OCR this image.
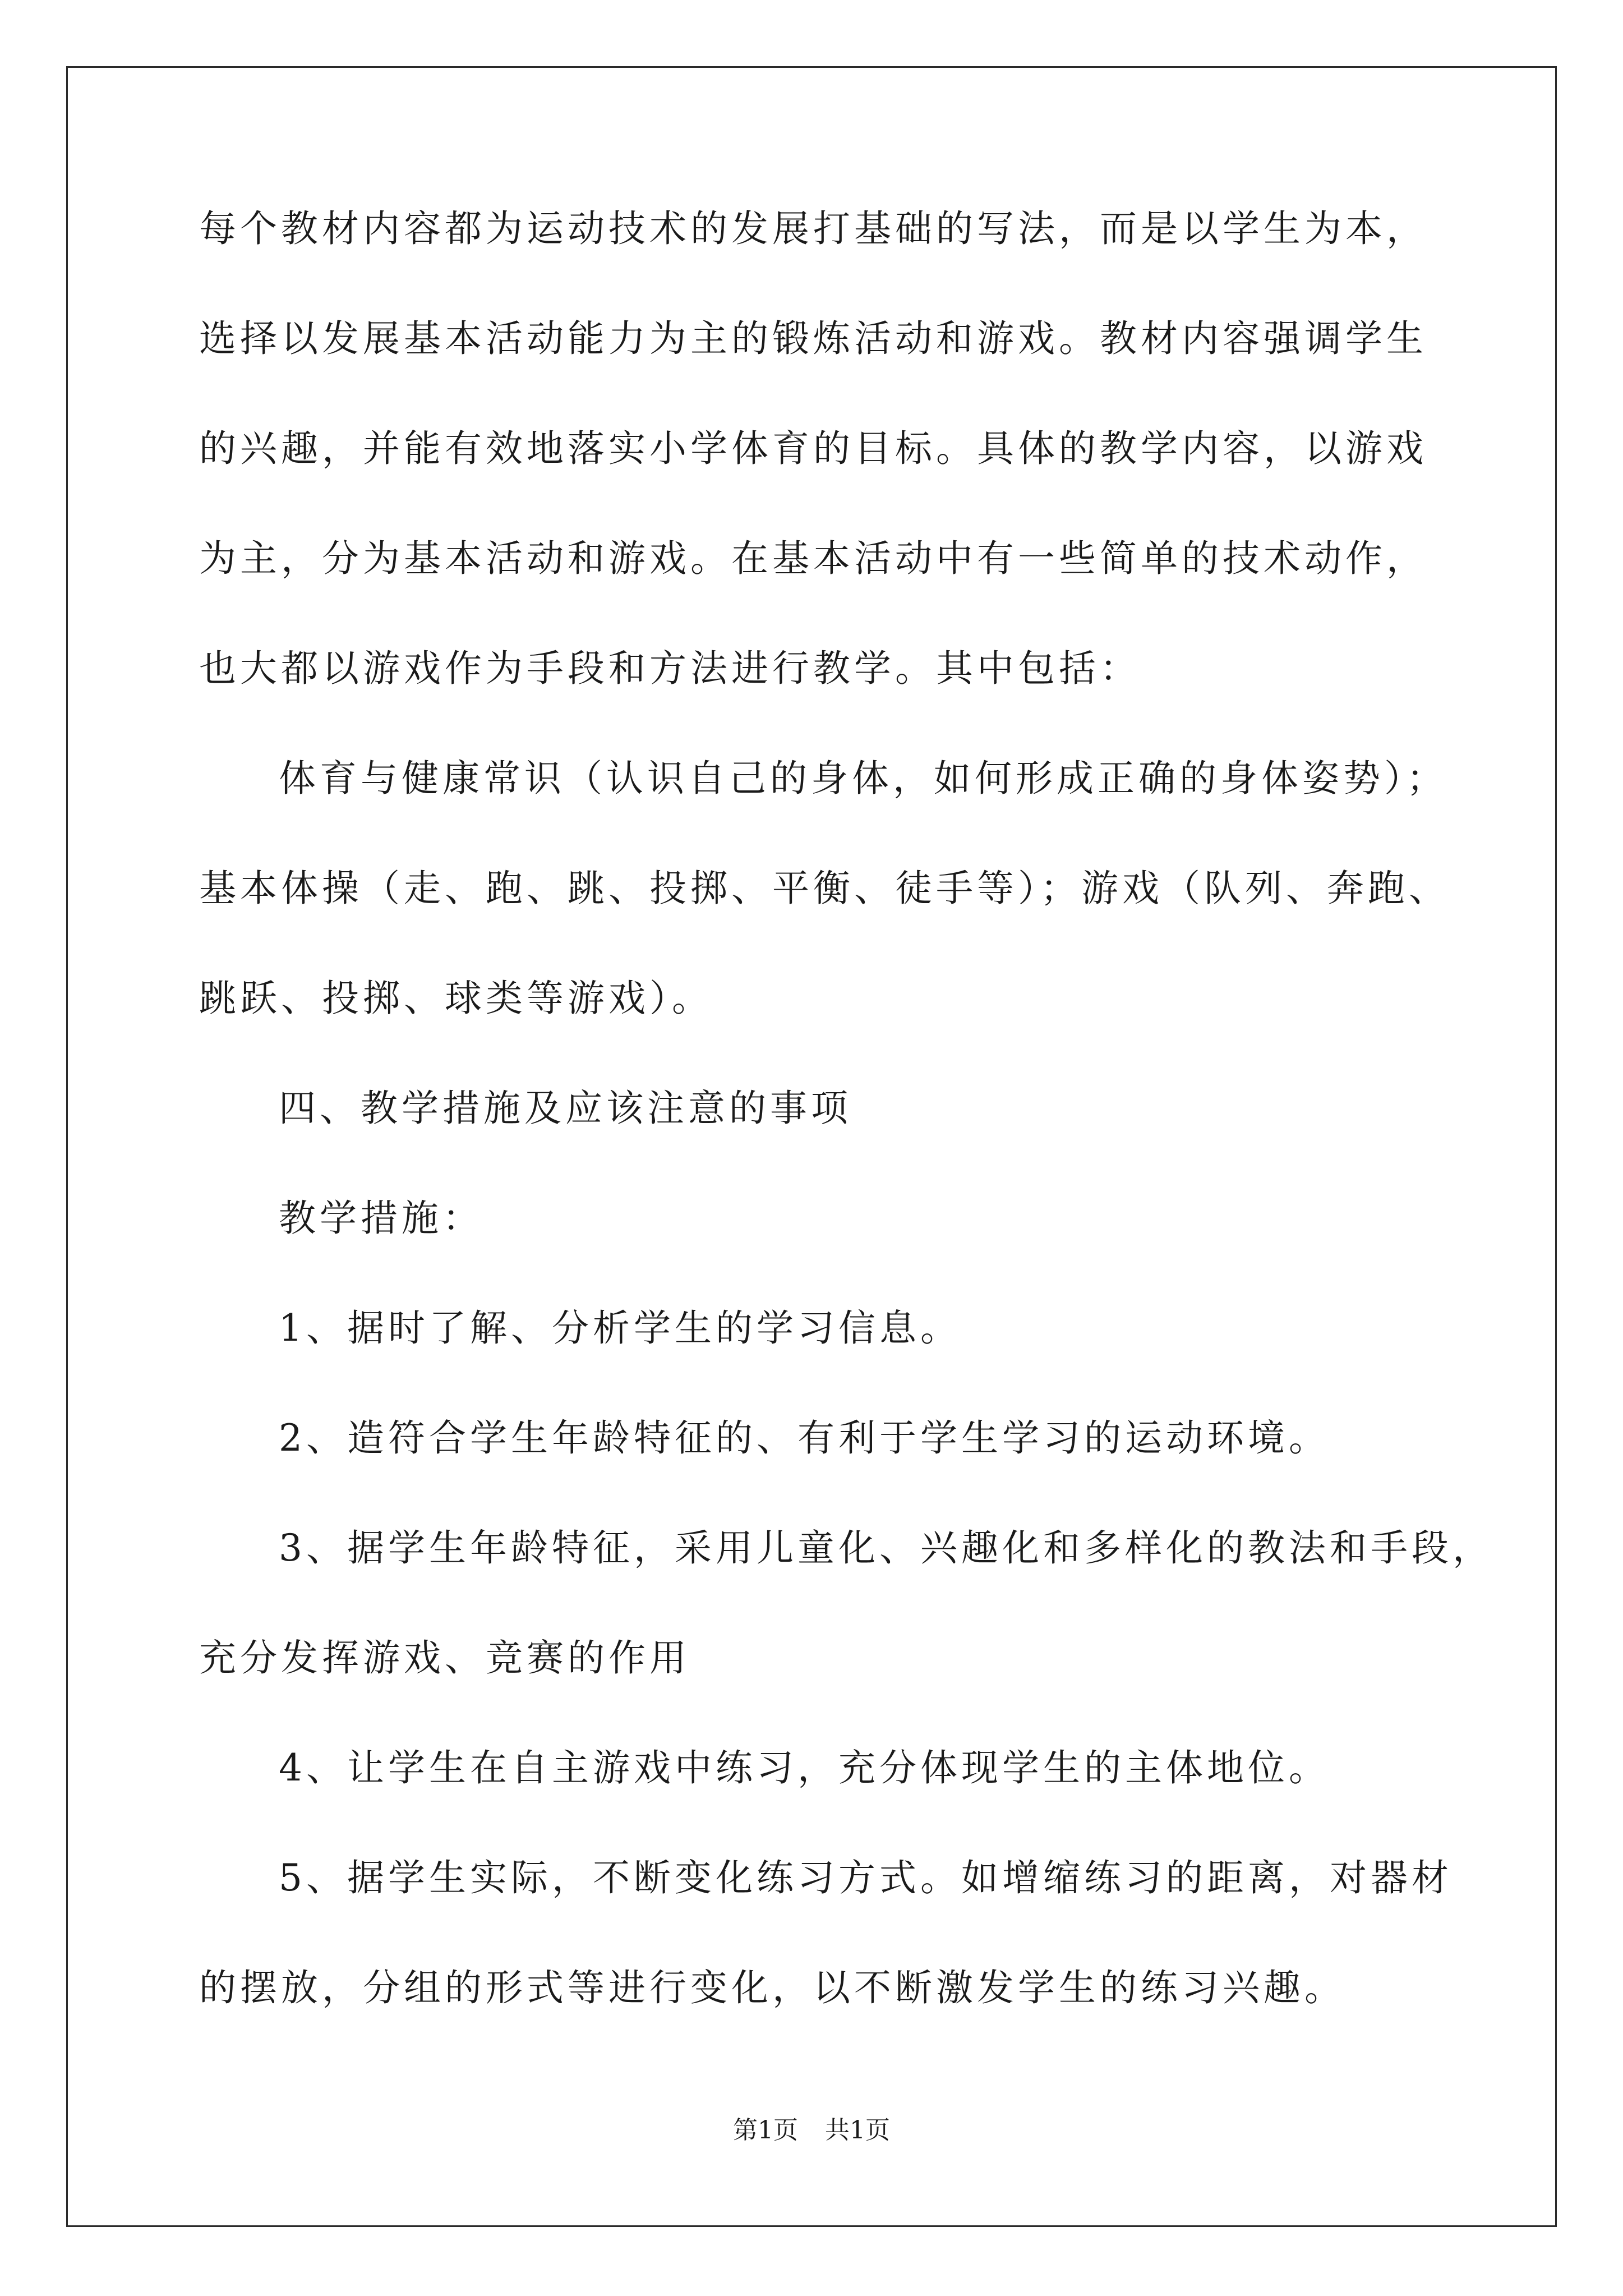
每个教材内容都为运动技术的发展打基础的写法，而是以学生为本，
选择以发展基本活动能力为主的锻炼活动和游戏。教材内容强调学生
的兴趣，并能有效地落实小学体育的目标。具体的教学内容，以游戏
为主，分为基本活动和游戏。在基本活动中有一些简单的技术动作，
也大都以游戏作为手段和方法进行教学。其中包括：
体育与健康常识（认识自己的身体，如何形成正确的身体姿势）；
基本体操（走、跑、跳、投掷、平衡、徒手等）；游戏（队列、奔跑、
跳跃、投掷、球类等游戏）。
四、教学措施及应该注意的事项
教学措施：
1、据时了解、分析学生的学习信息。
2、造符合学生年龄特征的、有利于学生学习的运动环境。
3、据学生年龄特征，采用儿童化、兴趣化和多样化的教法和手段，
充分发挥游戏、竞赛的作用
4、让学生在自主游戏中练习，充分体现学生的主体地位。
5、据学生实际，不断变化练习方式。如增缩练习的距离，对器材
的摆放，分组的形式等进行变化，以不断激发学生的练习兴趣。
第1页 共1页
